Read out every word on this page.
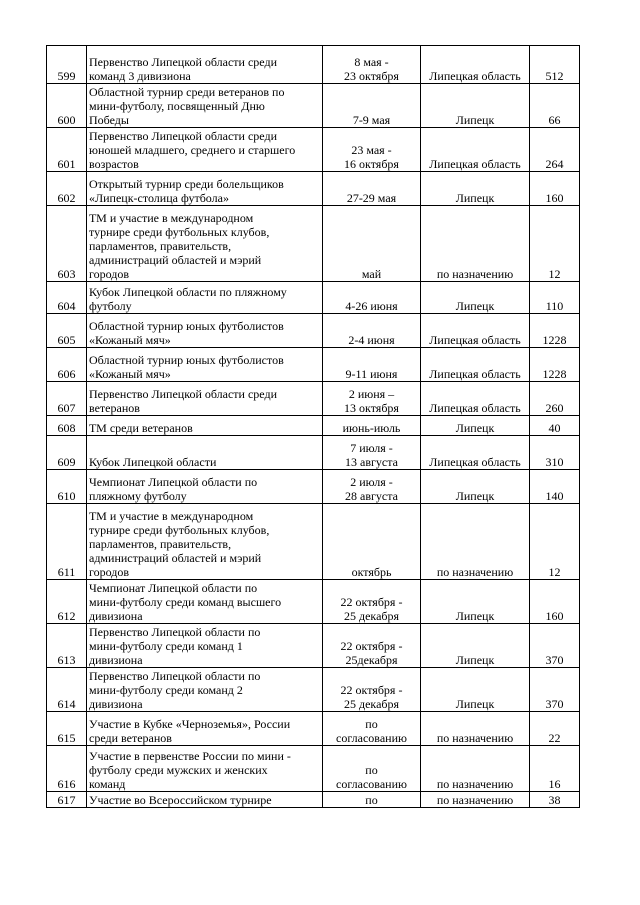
599	Первенство Липецкой области среди
команд 3 дивизиона	8 мая -
23 октября	Липецкая область	512
600	Областной турнир среди ветеранов по
мини-футболу, посвященный Дню
Победы	7-9 мая	Липецк	66
601	Первенство Липецкой области среди
юношей младшего, среднего и старшего
возрастов	23 мая -
16 октября	Липецкая область	264
602	Открытый турнир среди болельщиков
«Липецк-столица футбола»	27-29 мая	Липецк	160
603	ТМ и участие в международном
турнире среди футбольных клубов,
парламентов, правительств,
администраций областей и мэрий
городов	май	по назначению	12
604	Кубок Липецкой области по пляжному
футболу	4-26 июня	Липецк	110
605	Областной турнир юных футболистов
«Кожаный мяч»	2-4 июня	Липецкая область	1228
606	Областной турнир юных футболистов
«Кожаный мяч»	9-11 июня	Липецкая область	1228
607	Первенство Липецкой области среди
ветеранов	2 июня –
13 октября	Липецкая область	260
608	ТМ среди ветеранов	июнь-июль	Липецк	40
609	Кубок Липецкой области	7 июля -
13 августа	Липецкая область	310
610	Чемпионат Липецкой области по
пляжному футболу	2 июля -
28 августа	Липецк	140
611	ТМ и участие в международном
турнире среди футбольных клубов,
парламентов, правительств,
администраций областей и мэрий
городов	октябрь	по назначению	12
612	Чемпионат Липецкой области по
мини-футболу среди команд высшего
дивизиона	22 октября -
25 декабря	Липецк	160
613	Первенство Липецкой области по
мини-футболу среди команд 1
дивизиона	22 октября -
25декабря	Липецк	370
614	Первенство Липецкой области по
мини-футболу среди команд 2
дивизиона	22 октября -
25 декабря	Липецк	370
615	Участие в Кубке «Черноземья», России
среди ветеранов	по
согласованию	по назначению	22
616	Участие в первенстве России по мини -
футболу среди мужских и женских
команд	по
согласованию	по назначению	16
617	Участие во Всероссийском турнире	по	по назначению	38
